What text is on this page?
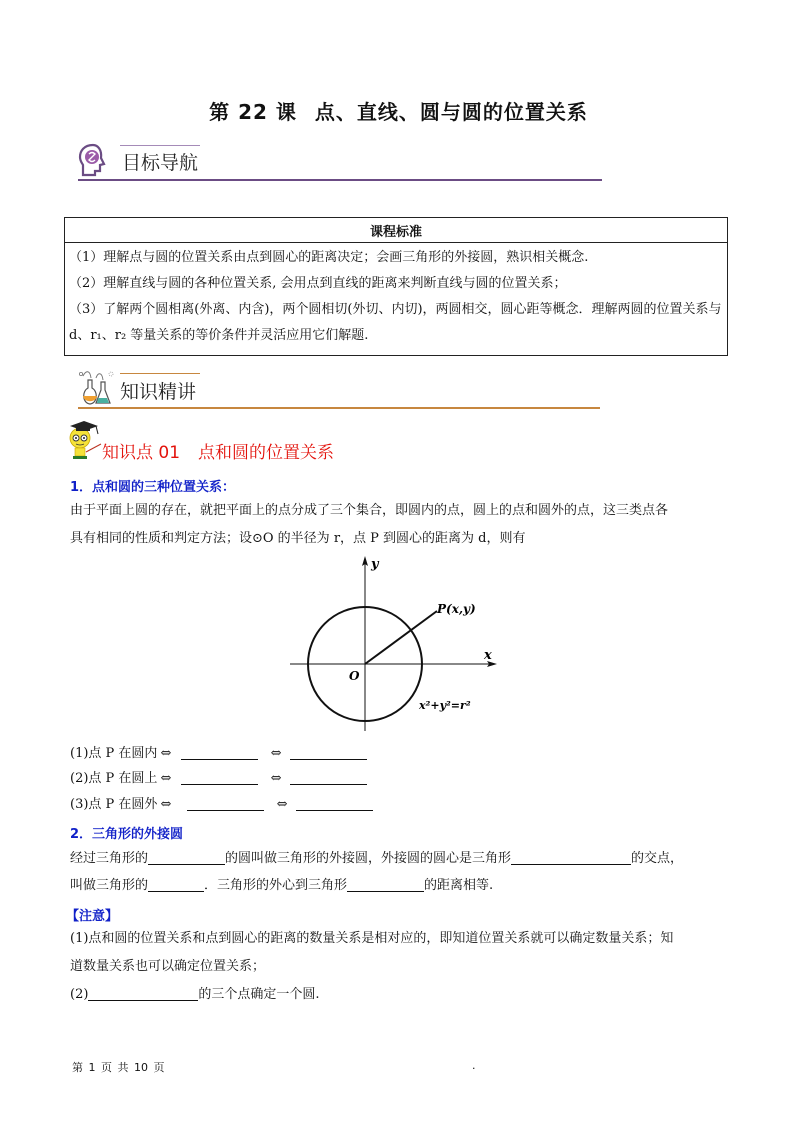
第 22 课 点、直线、圆与圆的位置关系
目标导航
课程标准

（1）理解点与圆的位置关系由点到圆心的距离决定；会画三角形的外接圆，熟识相关概念.
（2）理解直线与圆的各种位置关系, 会用点到直线的距离来判断直线与圆的位置关系；
（3）了解两个圆相离(外离、内含)，两个圆相切(外切、内切)，两圆相交，圆心距等概念．理解两圆的位置关系与 d、r₁、r₂ 等量关系的等价条件并灵活应用它们解题.
知识精讲
知识点 01 点和圆的位置关系
1．点和圆的三种位置关系：
由于平面上圆的存在，就把平面上的点分成了三个集合，即圆内的点，圆上的点和圆外的点，这三类点各
具有相同的性质和判定方法；设⊙O 的半径为 r，点 P 到圆心的距离为 d，则有
y
x
O
P(x,y)
x²+y²=r²
(1)点 P 在圆内 ⇔	⇔
(2)点 P 在圆上 ⇔	⇔
(3)点 P 在圆外 ⇔	⇔
2．三角形的外接圆
经过三角形的	的圆叫做三角形的外接圆，外接圆的圆心是三角形	的交点，
叫做三角形的	．三角形的外心到三角形	的距离相等.
【注意】
(1)点和圆的位置关系和点到圆心的距离的数量关系是相对应的，即知道位置关系就可以确定数量关系；知
道数量关系也可以确定位置关系；
(2)	的三个点确定一个圆.
第 1 页 共 10 页	.
